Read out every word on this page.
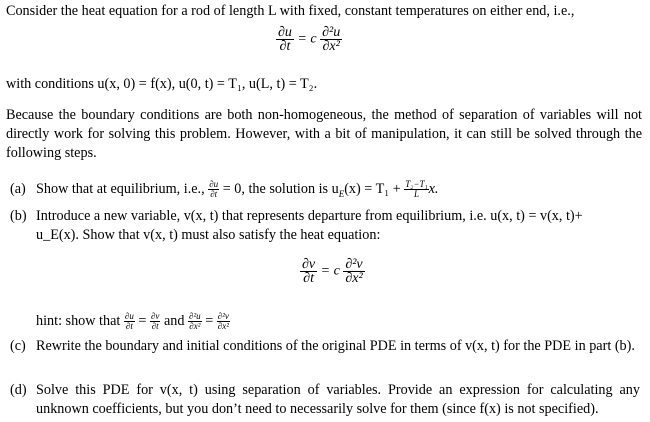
Consider the heat equation for a rod of length L with fixed, constant temperatures on either end, i.e.,
$\frac{\partial u}{\partial t} = c \frac{\text{∂²u}}{\text{∂x²}}$
with conditions u(x, 0) = f(x), u(0, t) = T₁, u(L, t) = T₂.
Because the boundary conditions are both non-homogeneous, the method of separation of variables will not directly work for solving this problem. However, with a bit of manipulation, it can still be solved through the following steps.
(a) Show that at equilibrium, i.e., $\frac{\partial u}{\partial t} = 0$, the solution is $u_E(x) = T_1 + \frac{\text{T₂−T₁}}{L} x$.
(b) Introduce a new variable, v(x, t) that represents departure from equilibrium, i.e. u(x, t) = v(x, t)+
u_E(x). Show that v(x, t) must also satisfy the heat equation:
$\frac{\partial v}{\partial t} = c \frac{\text{∂²v}}{\text{∂x²}}$
hint: show that $\frac{\partial u}{\partial t} = \frac{\partial v}{\partial t}$ and $\frac{\text{∂²u}}{\text{∂x²}} = \frac{\text{∂²v}}{\text{∂x²}}$
(c) Rewrite the boundary and initial conditions of the original PDE in terms of v(x, t) for the PDE in part (b).
(d) Solve this PDE for v(x, t) using separation of variables. Provide an expression for calculating any unknown coefficients, but you don’t need to necessarily solve for them (since f(x) is not specified).
